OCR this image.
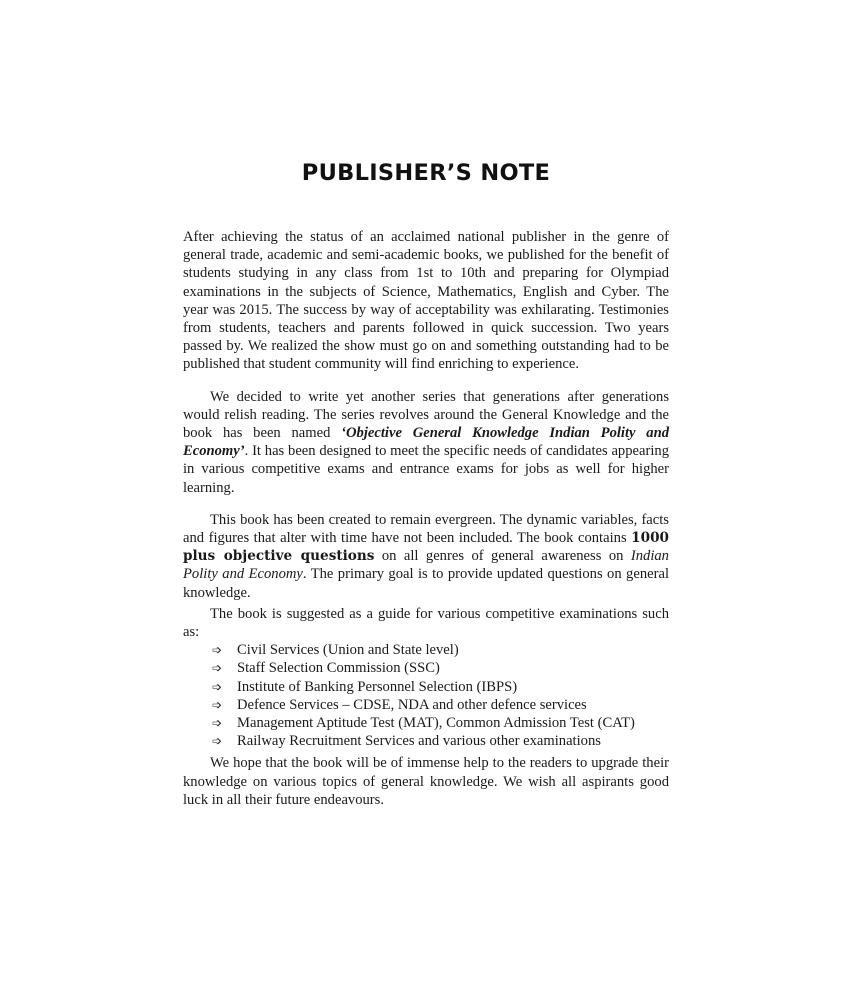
PUBLISHER’S NOTE

After achieving the status of an acclaimed national publisher in the genre of general trade, academic and semi-academic books, we published for the benefit of students studying in any class from 1st to 10th and preparing for Olympiad examinations in the subjects of Science, Mathematics, English and Cyber. The year was 2015. The success by way of acceptability was exhilarating. Testimonies from students, teachers and parents followed in quick succession. Two years passed by. We realized the show must go on and something outstanding had to be published that student community will find enriching to experience.

We decided to write yet another series that generations after generations would relish reading. The series revolves around the General Knowledge and the book has been named ‘Objective General Knowledge Indian Polity and Economy’. It has been designed to meet the specific needs of candidates appearing in various competitive exams and entrance exams for jobs as well for higher learning.

This book has been created to remain evergreen. The dynamic variables, facts and figures that alter with time have not been included. The book contains 1000 plus objective questions on all genres of general awareness on Indian Polity and Economy. The primary goal is to provide updated questions on general knowledge.

The book is suggested as a guide for various competitive examinations such as:

➩ Civil Services (Union and State level)
➩ Staff Selection Commission (SSC)
➩ Institute of Banking Personnel Selection (IBPS)
➩ Defence Services – CDSE, NDA and other defence services
➩ Management Aptitude Test (MAT), Common Admission Test (CAT)
➩ Railway Recruitment Services and various other examinations

We hope that the book will be of immense help to the readers to upgrade their knowledge on various topics of general knowledge. We wish all aspirants good luck in all their future endeavours.
